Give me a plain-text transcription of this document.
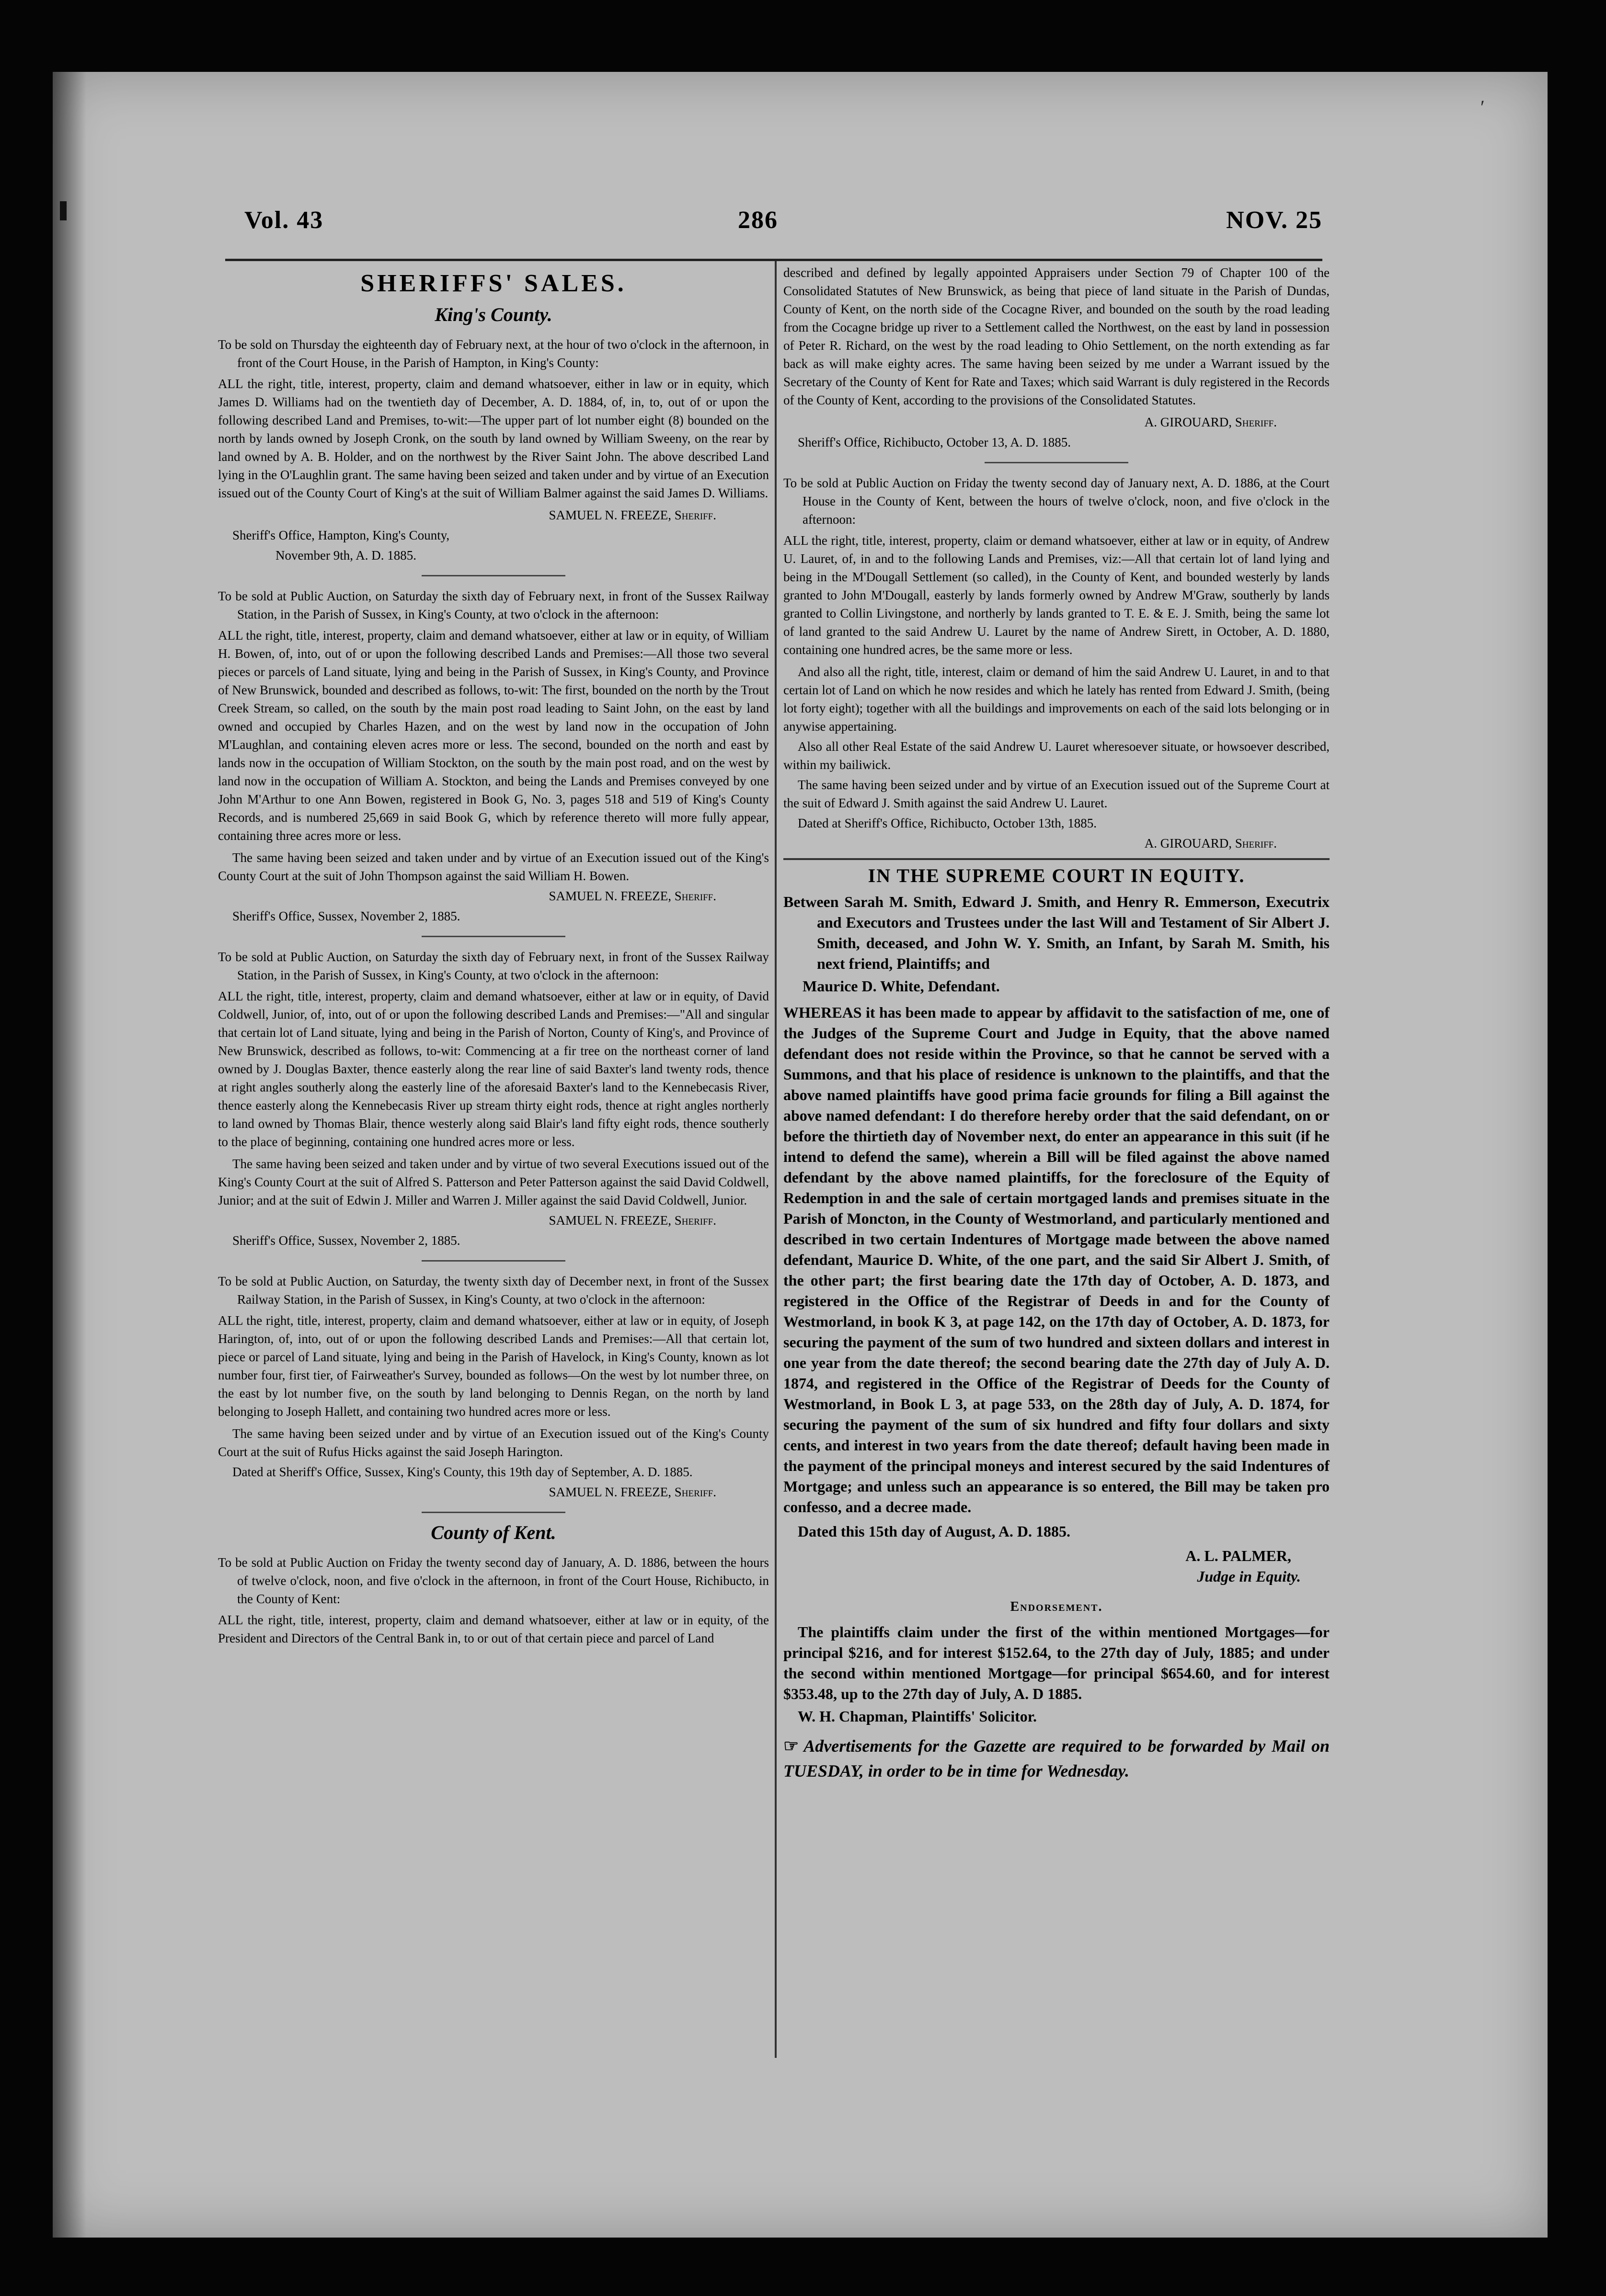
ʹ
Vol. 43	286	NOV. 25
SHERIFFS' SALES.
King's County.

To be sold on Thursday the eighteenth day of February next, at the hour of two o'clock in the afternoon, in front of the Court House, in the Parish of Hampton, in King's County:

ALL the right, title, interest, property, claim and demand whatsoever, either in law or in equity, which James D. Williams had on the twentieth day of December, A. D. 1884, of, in, to, out of or upon the following described Land and Premises, to-wit:—The upper part of lot number eight (8) bounded on the north by lands owned by Joseph Cronk, on the south by land owned by William Sweeny, on the rear by land owned by A. B. Holder, and on the northwest by the River Saint John. The above described Land lying in the O'Laughlin grant. The same having been seized and taken under and by virtue of an Execution issued out of the County Court of King's at the suit of William Balmer against the said James D. Williams.

SAMUEL N. FREEZE, Sheriff.

Sheriff's Office, Hampton, King's County,

November 9th, A. D. 1885.

To be sold at Public Auction, on Saturday the sixth day of February next, in front of the Sussex Railway Station, in the Parish of Sussex, in King's County, at two o'clock in the afternoon:

ALL the right, title, interest, property, claim and demand whatsoever, either at law or in equity, of William H. Bowen, of, into, out of or upon the following described Lands and Premises:—All those two several pieces or parcels of Land situate, lying and being in the Parish of Sussex, in King's County, and Province of New Brunswick, bounded and described as follows, to-wit: The first, bounded on the north by the Trout Creek Stream, so called, on the south by the main post road leading to Saint John, on the east by land owned and occupied by Charles Hazen, and on the west by land now in the occupation of John M'Laughlan, and containing eleven acres more or less. The second, bounded on the north and east by lands now in the occupation of William Stockton, on the south by the main post road, and on the west by land now in the occupation of William A. Stockton, and being the Lands and Premises conveyed by one John M'Arthur to one Ann Bowen, registered in Book G, No. 3, pages 518 and 519 of King's County Records, and is numbered 25,669 in said Book G, which by reference thereto will more fully appear, containing three acres more or less.

The same having been seized and taken under and by virtue of an Execution issued out of the King's County Court at the suit of John Thompson against the said William H. Bowen.

SAMUEL N. FREEZE, Sheriff.

Sheriff's Office, Sussex, November 2, 1885.

To be sold at Public Auction, on Saturday the sixth day of February next, in front of the Sussex Railway Station, in the Parish of Sussex, in King's County, at two o'clock in the afternoon:

ALL the right, title, interest, property, claim and demand whatsoever, either at law or in equity, of David Coldwell, Junior, of, into, out of or upon the following described Lands and Premises:—"All and singular that certain lot of Land situate, lying and being in the Parish of Norton, County of King's, and Province of New Brunswick, described as follows, to-wit: Commencing at a fir tree on the northeast corner of land owned by J. Douglas Baxter, thence easterly along the rear line of said Baxter's land twenty rods, thence at right angles southerly along the easterly line of the aforesaid Baxter's land to the Kennebecasis River, thence easterly along the Kennebecasis River up stream thirty eight rods, thence at right angles northerly to land owned by Thomas Blair, thence westerly along said Blair's land fifty eight rods, thence southerly to the place of beginning, containing one hundred acres more or less.

The same having been seized and taken under and by virtue of two several Executions issued out of the King's County Court at the suit of Alfred S. Patterson and Peter Patterson against the said David Coldwell, Junior; and at the suit of Edwin J. Miller and Warren J. Miller against the said David Coldwell, Junior.

SAMUEL N. FREEZE, Sheriff.

Sheriff's Office, Sussex, November 2, 1885.

To be sold at Public Auction, on Saturday, the twenty sixth day of December next, in front of the Sussex Railway Station, in the Parish of Sussex, in King's County, at two o'clock in the afternoon:

ALL the right, title, interest, property, claim and demand whatsoever, either at law or in equity, of Joseph Harington, of, into, out of or upon the following described Lands and Premises:—All that certain lot, piece or parcel of Land situate, lying and being in the Parish of Havelock, in King's County, known as lot number four, first tier, of Fairweather's Survey, bounded as follows—On the west by lot number three, on the east by lot number five, on the south by land belonging to Dennis Regan, on the north by land belonging to Joseph Hallett, and containing two hundred acres more or less.

The same having been seized under and by virtue of an Execution issued out of the King's County Court at the suit of Rufus Hicks against the said Joseph Harington.

Dated at Sheriff's Office, Sussex, King's County, this 19th day of September, A. D. 1885.

SAMUEL N. FREEZE, Sheriff.

County of Kent.

To be sold at Public Auction on Friday the twenty second day of January, A. D. 1886, between the hours of twelve o'clock, noon, and five o'clock in the afternoon, in front of the Court House, Richibucto, in the County of Kent:

ALL the right, title, interest, property, claim and demand whatsoever, either at law or in equity, of the President and Directors of the Central Bank in, to or out of that certain piece and parcel of Land

described and defined by legally appointed Appraisers under Section 79 of Chapter 100 of the Consolidated Statutes of New Brunswick, as being that piece of land situate in the Parish of Dundas, County of Kent, on the north side of the Cocagne River, and bounded on the south by the road leading from the Cocagne bridge up river to a Settlement called the Northwest, on the east by land in possession of Peter R. Richard, on the west by the road leading to Ohio Settlement, on the north extending as far back as will make eighty acres. The same having been seized by me under a Warrant issued by the Secretary of the County of Kent for Rate and Taxes; which said Warrant is duly registered in the Records of the County of Kent, according to the provisions of the Consolidated Statutes.

A. GIROUARD, Sheriff.

Sheriff's Office, Richibucto, October 13, A. D. 1885.

To be sold at Public Auction on Friday the twenty second day of January next, A. D. 1886, at the Court House in the County of Kent, between the hours of twelve o'clock, noon, and five o'clock in the afternoon:

ALL the right, title, interest, property, claim or demand whatsoever, either at law or in equity, of Andrew U. Lauret, of, in and to the following Lands and Premises, viz:—All that certain lot of land lying and being in the M'Dougall Settlement (so called), in the County of Kent, and bounded westerly by lands granted to John M'Dougall, easterly by lands formerly owned by Andrew M'Graw, southerly by lands granted to Collin Livingstone, and northerly by lands granted to T. E. & E. J. Smith, being the same lot of land granted to the said Andrew U. Lauret by the name of Andrew Sirett, in October, A. D. 1880, containing one hundred acres, be the same more or less.

And also all the right, title, interest, claim or demand of him the said Andrew U. Lauret, in and to that certain lot of Land on which he now resides and which he lately has rented from Edward J. Smith, (being lot forty eight); together with all the buildings and improvements on each of the said lots belonging or in anywise appertaining.

Also all other Real Estate of the said Andrew U. Lauret wheresoever situate, or howsoever described, within my bailiwick.

The same having been seized under and by virtue of an Execution issued out of the Supreme Court at the suit of Edward J. Smith against the said Andrew U. Lauret.

Dated at Sheriff's Office, Richibucto, October 13th, 1885.

A. GIROUARD, Sheriff.

IN THE SUPREME COURT IN EQUITY.

Between Sarah M. Smith, Edward J. Smith, and Henry R. Emmerson, Executrix and Executors and Trustees under the last Will and Testament of Sir Albert J. Smith, deceased, and John W. Y. Smith, an Infant, by Sarah M. Smith, his next friend, Plaintiffs; and

Maurice D. White, Defendant.

WHEREAS it has been made to appear by affidavit to the satisfaction of me, one of the Judges of the Supreme Court and Judge in Equity, that the above named defendant does not reside within the Province, so that he cannot be served with a Summons, and that his place of residence is unknown to the plaintiffs, and that the above named plaintiffs have good prima facie grounds for filing a Bill against the above named defendant: I do therefore hereby order that the said defendant, on or before the thirtieth day of November next, do enter an appearance in this suit (if he intend to defend the same), wherein a Bill will be filed against the above named defendant by the above named plaintiffs, for the foreclosure of the Equity of Redemption in and the sale of certain mortgaged lands and premises situate in the Parish of Moncton, in the County of Westmorland, and particularly mentioned and described in two certain Indentures of Mortgage made between the above named defendant, Maurice D. White, of the one part, and the said Sir Albert J. Smith, of the other part; the first bearing date the 17th day of October, A. D. 1873, and registered in the Office of the Registrar of Deeds in and for the County of Westmorland, in book K 3, at page 142, on the 17th day of October, A. D. 1873, for securing the payment of the sum of two hundred and sixteen dollars and interest in one year from the date thereof; the second bearing date the 27th day of July A. D. 1874, and registered in the Office of the Registrar of Deeds for the County of Westmorland, in Book L 3, at page 533, on the 28th day of July, A. D. 1874, for securing the payment of the sum of six hundred and fifty four dollars and sixty cents, and interest in two years from the date thereof; default having been made in the payment of the principal moneys and interest secured by the said Indentures of Mortgage; and unless such an appearance is so entered, the Bill may be taken pro confesso, and a decree made.

Dated this 15th day of August, A. D. 1885.

A. L. PALMER,

Judge in Equity.

Endorsement.

The plaintiffs claim under the first of the within mentioned Mortgages—for principal $216, and for interest $152.64, to the 27th day of July, 1885; and under the second within mentioned Mortgage—for principal $654.60, and for interest $353.48, up to the 27th day of July, A. D 1885.

W. H. Chapman, Plaintiffs' Solicitor.

☞ Advertisements for the Gazette are required to be forwarded by Mail on TUESDAY, in order to be in time for Wednesday.
